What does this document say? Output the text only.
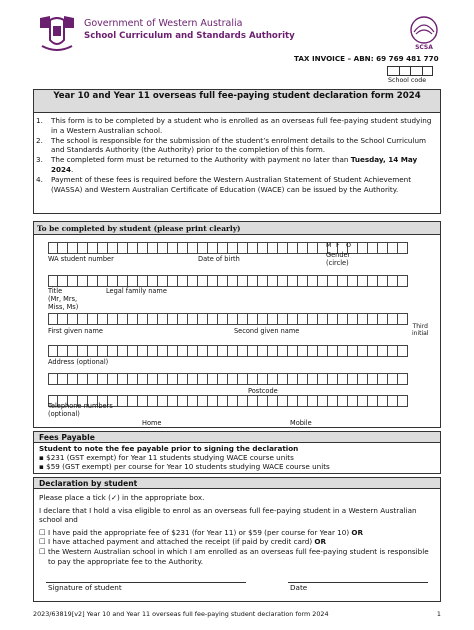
Government of Western Australia
School Curriculum and Standards Authority
SCSA
TAX INVOICE – ABN: 69 769 481 770
School code
Year 10 and Year 11 overseas full fee-paying student declaration form 2024
1. This form is to be completed by a student who is enrolled as an overseas full fee-paying student studying in a Western Australian school.
2. The school is responsible for the submission of the student’s enrolment details to the School Curriculum and Standards Authority (the Authority) prior to the completion of this form.
3. The completed form must be returned to the Authority with payment no later than Tuesday, 14 May 2024.
4. Payment of these fees is required before the Western Australian Statement of Student Achievement (WASSA) and Western Australian Certificate of Education (WACE) can be issued by the Authority.
To be completed by student (please print clearly)
WA student number	Date of birth
M F O
Gender
(circle)
Title
(Mr, Mrs,
Miss, Ms)
Legal family name
First given name	Second given name
Third
initial
Address (optional)
Postcode
Telephone numbers
(optional)
Home	Mobile
Fees Payable
Student to note the fee payable prior to signing the declaration
▪ $231 (GST exempt) for Year 11 students studying WACE course units
▪ $59 (GST exempt) per course for Year 10 students studying WACE course units
Declaration by student

Please place a tick (✓) in the appropriate box.

I declare that I hold a visa eligible to enrol as an overseas full fee-paying student in a Western Australian school and

☐ I have paid the appropriate fee of $231 (for Year 11) or $59 (per course for Year 10) OR
☐ I have attached payment and attached the receipt (if paid by credit card) OR
☐ the Western Australian school in which I am enrolled as an overseas full fee-paying student is responsible to pay the appropriate fee to the Authority.
Signature of student	Date
2023/63819[v2] Year 10 and Year 11 overseas full fee-paying student declaration form 2024	1
